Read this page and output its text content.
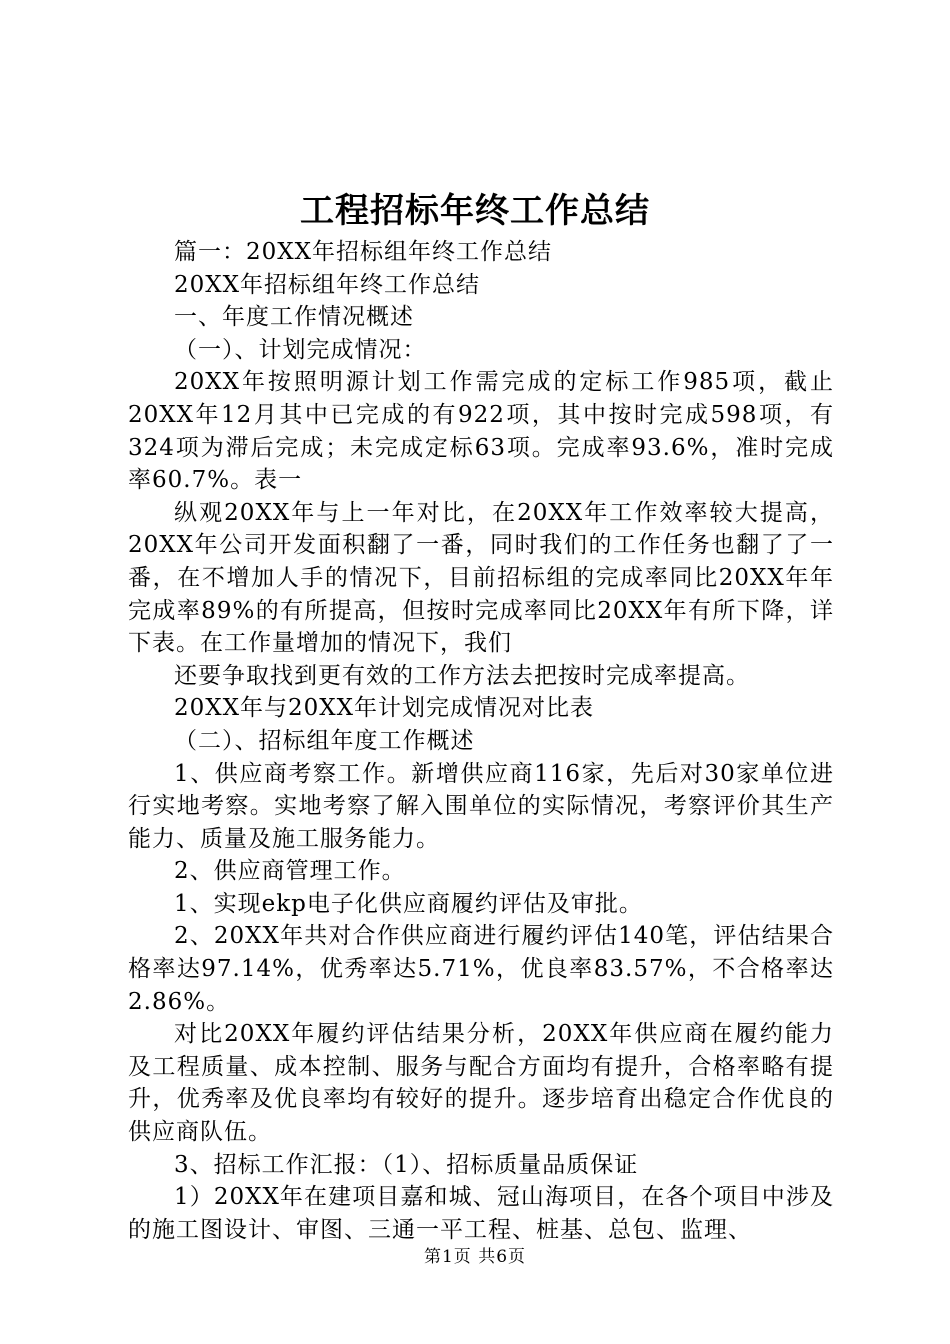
工程招标年终工作总结

篇一：20XX年招标组年终工作总结

20XX年招标组年终工作总结

一、年度工作情况概述

（一）、计划完成情况：

20XX年按照明源计划工作需完成的定标工作985项，截止20XX年12月其中已完成的有922项，其中按时完成598项，有324项为滞后完成；未完成定标63项。完成率93.6%，准时完成率60.7%。表一

纵观20XX年与上一年对比，在20XX年工作效率较大提高，20XX年公司开发面积翻了一番，同时我们的工作任务也翻了了一番，在不增加人手的情况下，目前招标组的完成率同比20XX年年完成率89%的有所提高，但按时完成率同比20XX年有所下降，详下表。在工作量增加的情况下，我们

还要争取找到更有效的工作方法去把按时完成率提高。

20XX年与20XX年计划完成情况对比表

（二）、招标组年度工作概述

1、供应商考察工作。新增供应商116家，先后对30家单位进行实地考察。实地考察了解入围单位的实际情况，考察评价其生产能力、质量及施工服务能力。

2、供应商管理工作。

1、实现ekp电子化供应商履约评估及审批。

2、20XX年共对合作供应商进行履约评估140笔，评估结果合格率达97.14%，优秀率达5.71%，优良率83.57%，不合格率达2.86%。

对比20XX年履约评估结果分析，20XX年供应商在履约能力及工程质量、成本控制、服务与配合方面均有提升，合格率略有提升，优秀率及优良率均有较好的提升。逐步培育出稳定合作优良的供应商队伍。

3、招标工作汇报：（1）、招标质量品质保证

1）20XX年在建项目嘉和城、冠山海项目，在各个项目中涉及的施工图设计、审图、三通一平工程、桩基、总包、监理、

第1页 共6页
